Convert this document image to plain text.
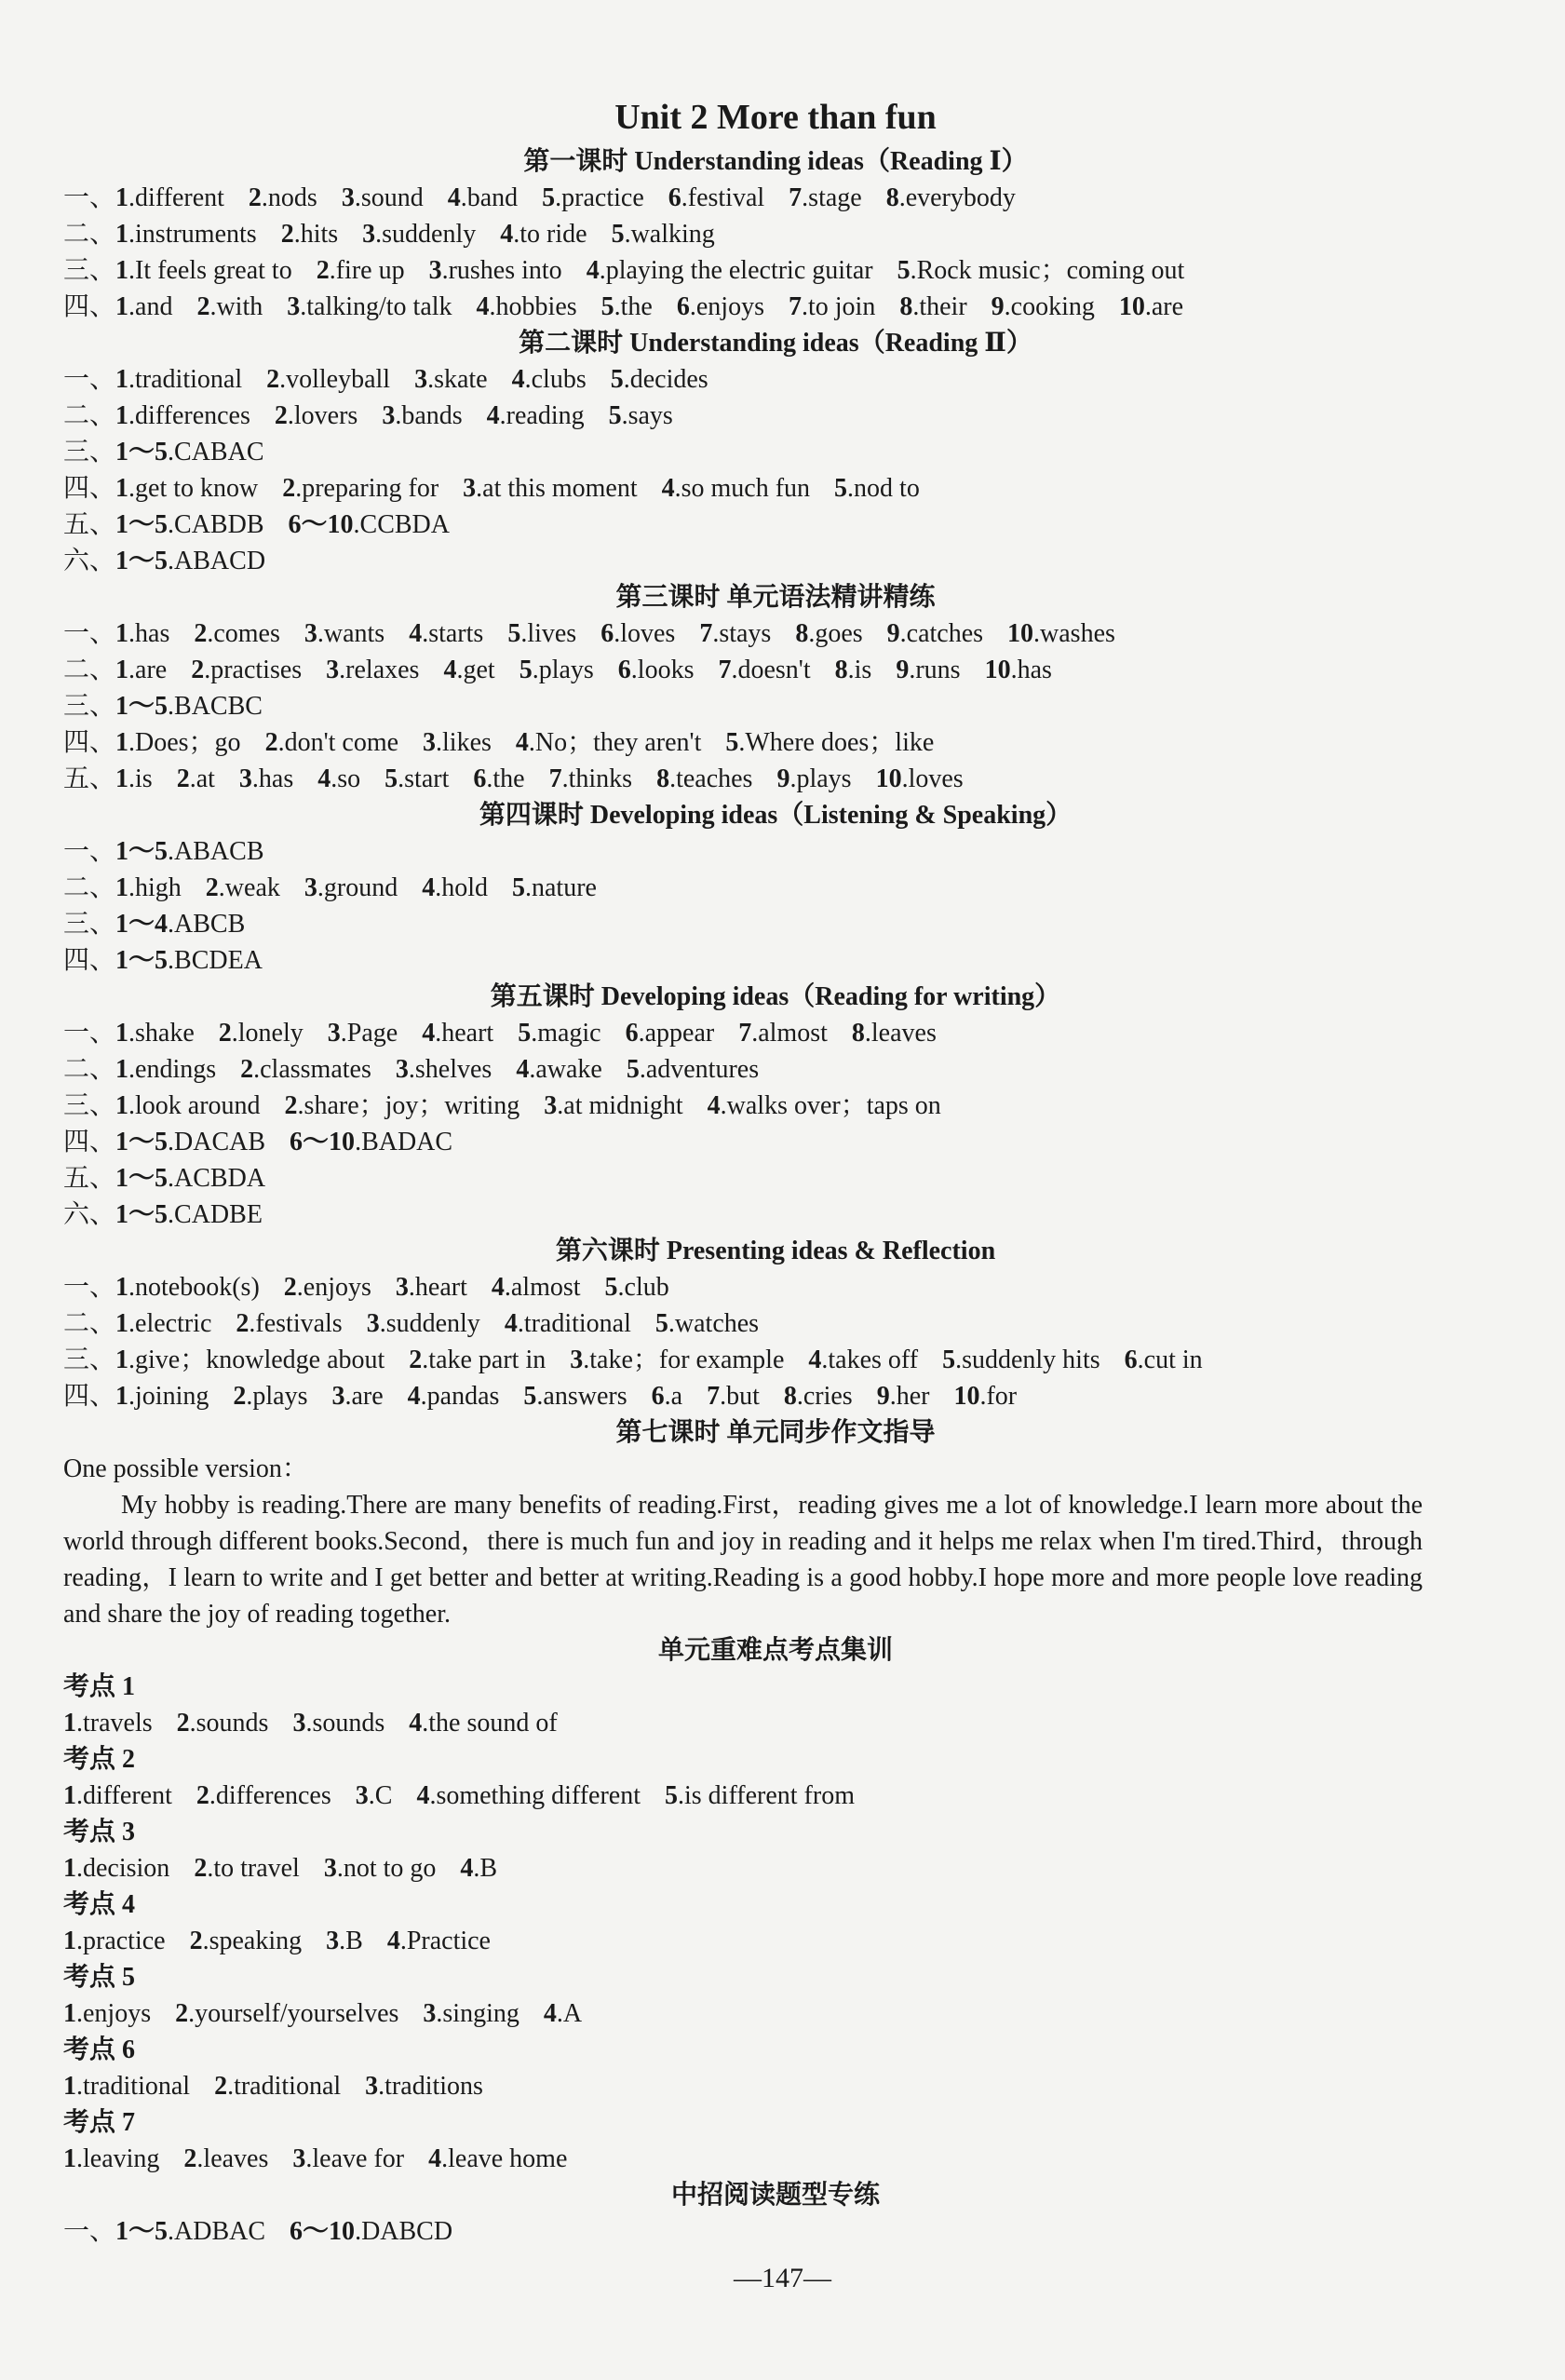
Unit 2 More than fun
第一课时 Understanding ideas（Reading Ⅰ）
一、1.different 2.nods 3.sound 4.band 5.practice 6.festival 7.stage 8.everybody
二、1.instruments 2.hits 3.suddenly 4.to ride 5.walking
三、1.It feels great to 2.fire up 3.rushes into 4.playing the electric guitar 5.Rock music；coming out
四、1.and 2.with 3.talking/to talk 4.hobbies 5.the 6.enjoys 7.to join 8.their 9.cooking 10.are
第二课时 Understanding ideas（Reading Ⅱ）
一、1.traditional 2.volleyball 3.skate 4.clubs 5.decides
二、1.differences 2.lovers 3.bands 4.reading 5.says
三、1～5.CABAC
四、1.get to know 2.preparing for 3.at this moment 4.so much fun 5.nod to
五、1～5.CABDB 6～10.CCBDA
六、1～5.ABACD
第三课时 单元语法精讲精练
一、1.has 2.comes 3.wants 4.starts 5.lives 6.loves 7.stays 8.goes 9.catches 10.washes
二、1.are 2.practises 3.relaxes 4.get 5.plays 6.looks 7.doesn't 8.is 9.runs 10.has
三、1～5.BACBC
四、1.Does；go 2.don't come 3.likes 4.No；they aren't 5.Where does；like
五、1.is 2.at 3.has 4.so 5.start 6.the 7.thinks 8.teaches 9.plays 10.loves
第四课时 Developing ideas（Listening & Speaking）
一、1～5.ABACB
二、1.high 2.weak 3.ground 4.hold 5.nature
三、1～4.ABCB
四、1～5.BCDEA
第五课时 Developing ideas（Reading for writing）
一、1.shake 2.lonely 3.Page 4.heart 5.magic 6.appear 7.almost 8.leaves
二、1.endings 2.classmates 3.shelves 4.awake 5.adventures
三、1.look around 2.share；joy；writing 3.at midnight 4.walks over；taps on
四、1～5.DACAB 6～10.BADAC
五、1～5.ACBDA
六、1～5.CADBE
第六课时 Presenting ideas & Reflection
一、1.notebook(s) 2.enjoys 3.heart 4.almost 5.club
二、1.electric 2.festivals 3.suddenly 4.traditional 5.watches
三、1.give；knowledge about 2.take part in 3.take；for example 4.takes off 5.suddenly hits 6.cut in
四、1.joining 2.plays 3.are 4.pandas 5.answers 6.a 7.but 8.cries 9.her 10.for
第七课时 单元同步作文指导
One possible version：
My hobby is reading.There are many benefits of reading.First，reading gives me a lot of knowledge.I learn more about the world through different books.Second，there is much fun and joy in reading and it helps me relax when I'm tired.Third，through reading，I learn to write and I get better and better at writing.Reading is a good hobby.I hope more and more people love reading and share the joy of reading together.
单元重难点考点集训
考点 1
1.travels 2.sounds 3.sounds 4.the sound of
考点 2
1.different 2.differences 3.C 4.something different 5.is different from
考点 3
1.decision 2.to travel 3.not to go 4.B
考点 4
1.practice 2.speaking 3.B 4.Practice
考点 5
1.enjoys 2.yourself/yourselves 3.singing 4.A
考点 6
1.traditional 2.traditional 3.traditions
考点 7
1.leaving 2.leaves 3.leave for 4.leave home
中招阅读题型专练
一、1～5.ADBAC 6～10.DABCD
—147—
